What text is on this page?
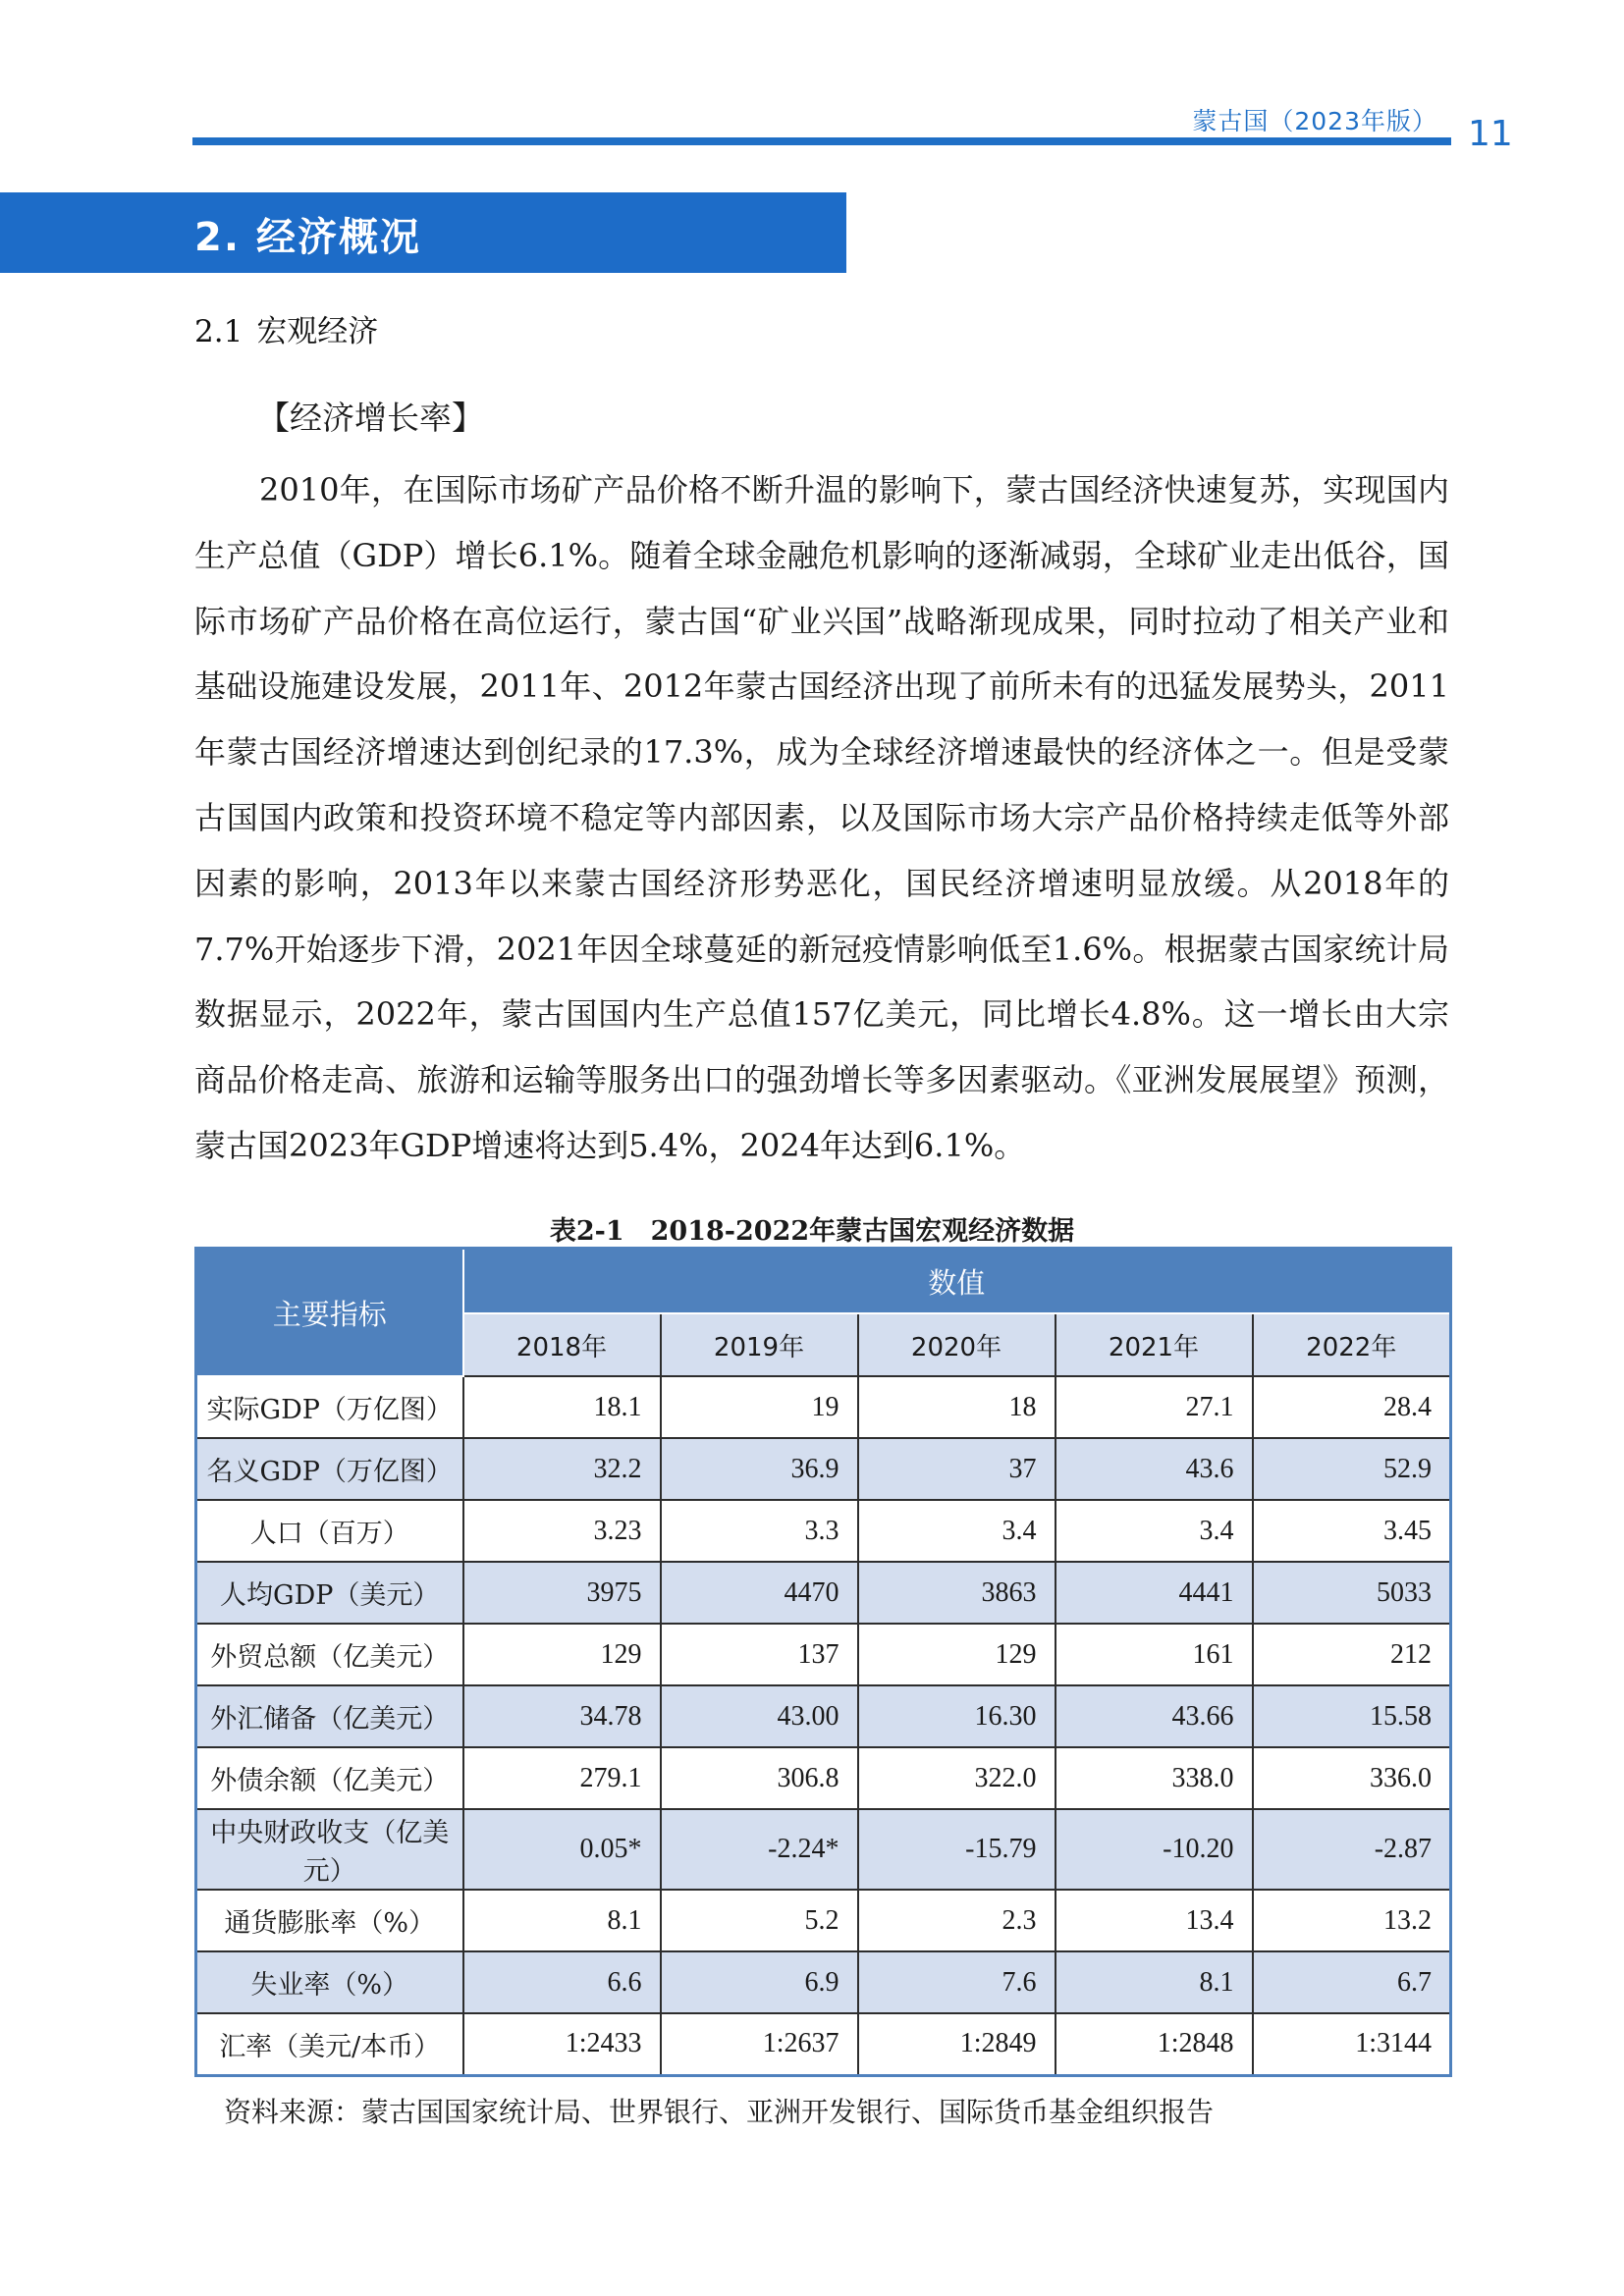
蒙古国（2023年版） 11
2. 经济概况
2.1 宏观经济
【经济增长率】

2010年，在国际市场矿产品价格不断升温的影响下，蒙古国经济快速复苏，实现国内生产总值（GDP）增长6.1%。随着全球金融危机影响的逐渐减弱，全球矿业走出低谷，国际市场矿产品价格在高位运行，蒙古国“矿业兴国”战略渐现成果，同时拉动了相关产业和基础设施建设发展，2011年、2012年蒙古国经济出现了前所未有的迅猛发展势头，2011年蒙古国经济增速达到创纪录的17.3%，成为全球经济增速最快的经济体之一。但是受蒙古国国内政策和投资环境不稳定等内部因素，以及国际市场大宗产品价格持续走低等外部因素的影响，2013年以来蒙古国经济形势恶化，国民经济增速明显放缓。从2018年的7.7%开始逐步下滑，2021年因全球蔓延的新冠疫情影响低至1.6%。根据蒙古国家统计局数据显示，2022年，蒙古国国内生产总值157亿美元，同比增长4.8%。这一增长由大宗商品价格走高、旅游和运输等服务出口的强劲增长等多因素驱动。《亚洲发展展望》预测，蒙古国2023年GDP增速将达到5.4%，2024年达到6.1%。

表2-1　2018-2022年蒙古国宏观经济数据
主要指标	数值				
	2018年	2019年	2020年	2021年	2022年
实际GDP（万亿图）	18.1	19	18	27.1	28.4
名义GDP（万亿图）	32.2	36.9	37	43.6	52.9
人口（百万）	3.23	3.3	3.4	3.4	3.45
人均GDP（美元）	3975	4470	3863	4441	5033
外贸总额（亿美元）	129	137	129	161	212
外汇储备（亿美元）	34.78	43.00	16.30	43.66	15.58
外债余额（亿美元）	279.1	306.8	322.0	338.0	336.0
中央财政收支（亿美元）	0.05*	-2.24*	-15.79	-10.20	-2.87
通货膨胀率（%）	8.1	5.2	2.3	13.4	13.2
失业率（%）	6.6	6.9	7.6	8.1	6.7
汇率（美元/本币）	1:2433	1:2637	1:2849	1:2848	1:3144
资料来源：蒙古国国家统计局、世界银行、亚洲开发银行、国际货币基金组织报告
